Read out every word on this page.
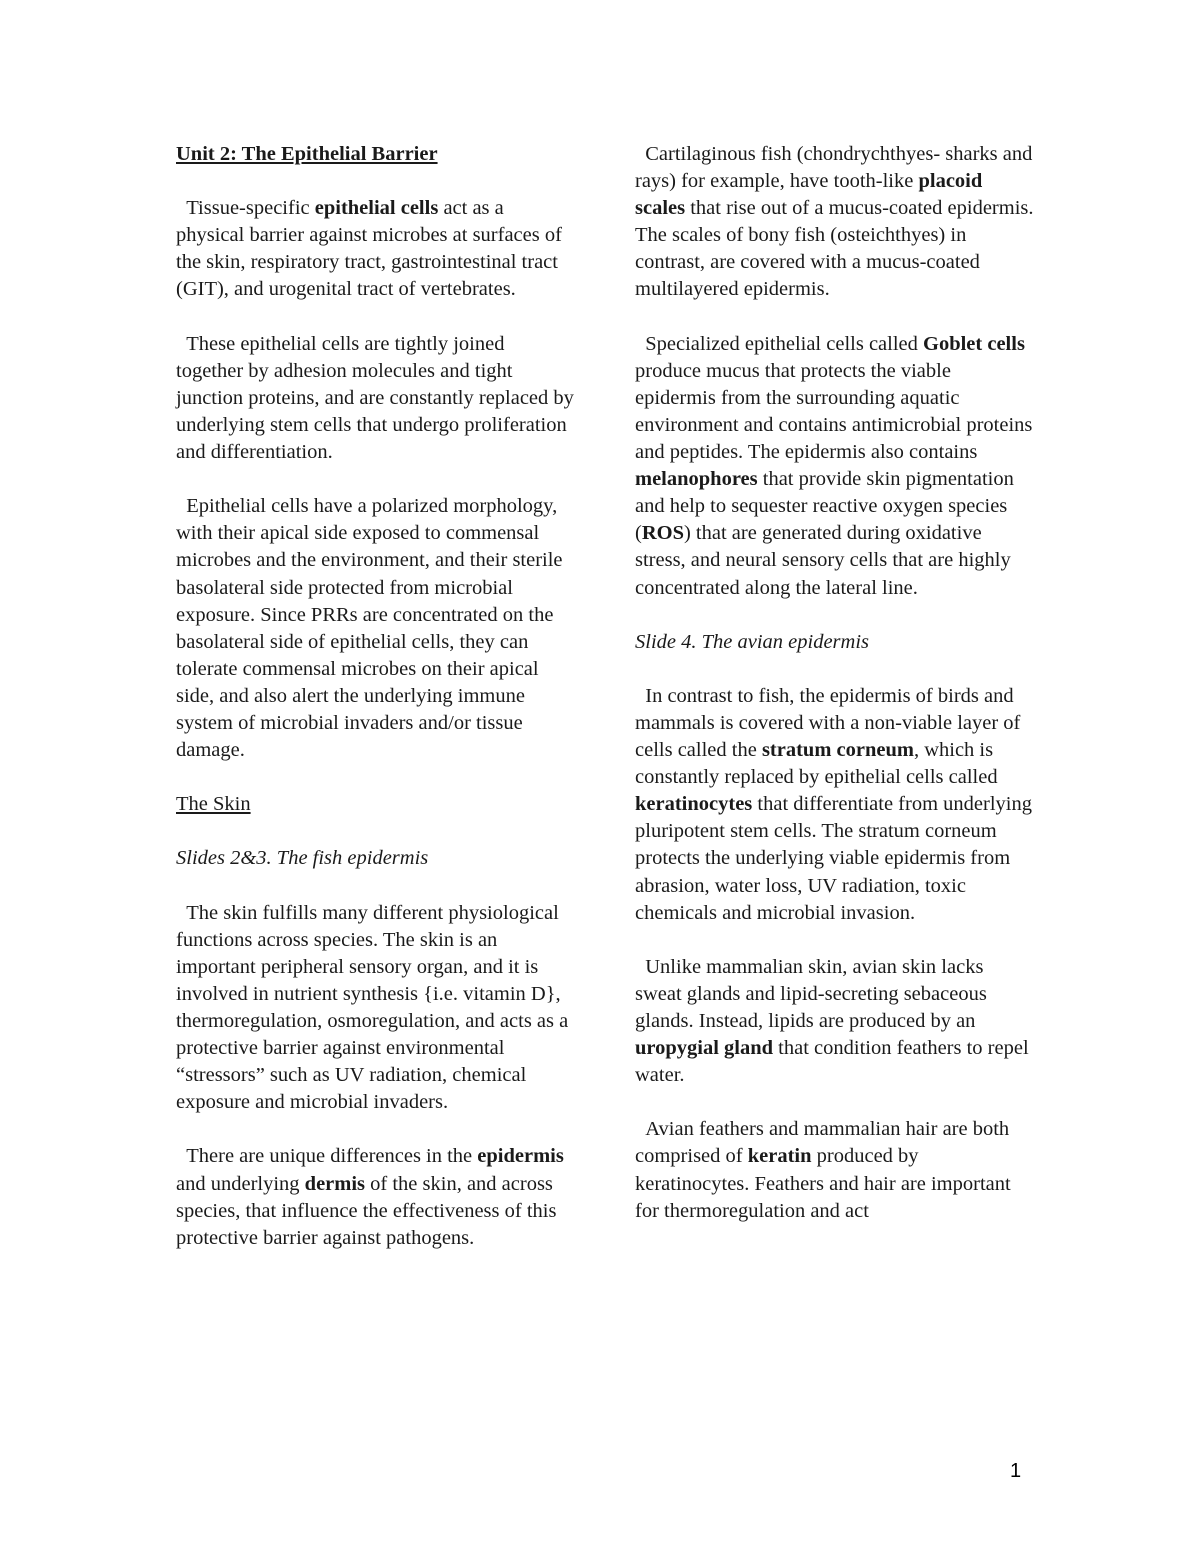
Unit 2: The Epithelial Barrier

Tissue-specific epithelial cells act as a physical barrier against microbes at surfaces of the skin, respiratory tract, gastrointestinal tract (GIT), and urogenital tract of vertebrates.

These epithelial cells are tightly joined together by adhesion molecules and tight junction proteins, and are constantly replaced by underlying stem cells that undergo proliferation and differentiation.

Epithelial cells have a polarized morphology, with their apical side exposed to commensal microbes and the environment, and their sterile basolateral side protected from microbial exposure. Since PRRs are concentrated on the basolateral side of epithelial cells, they can tolerate commensal microbes on their apical side, and also alert the underlying immune system of microbial invaders and/or tissue damage.

The Skin

Slides 2&3. The fish epidermis

The skin fulfills many different physiological functions across species. The skin is an important peripheral sensory organ, and it is involved in nutrient synthesis {i.e. vitamin D}, thermoregulation, osmoregulation, and acts as a protective barrier against environmental “stressors” such as UV radiation, chemical exposure and microbial invaders.

There are unique differences in the epidermis and underlying dermis of the skin, and across species, that influence the effectiveness of this protective barrier against pathogens.

Cartilaginous fish (chondrychthyes- sharks and rays) for example, have tooth-like placoid scales that rise out of a mucus-coated epidermis. The scales of bony fish (osteichthyes) in contrast, are covered with a mucus-coated multilayered epidermis.

Specialized epithelial cells called Goblet cells produce mucus that protects the viable epidermis from the surrounding aquatic environment and contains antimicrobial proteins and peptides. The epidermis also contains melanophores that provide skin pigmentation and help to sequester reactive oxygen species (ROS) that are generated during oxidative stress, and neural sensory cells that are highly concentrated along the lateral line.

Slide 4. The avian epidermis

In contrast to fish, the epidermis of birds and mammals is covered with a non-viable layer of cells called the stratum corneum, which is constantly replaced by epithelial cells called keratinocytes that differentiate from underlying pluripotent stem cells. The stratum corneum protects the underlying viable epidermis from abrasion, water loss, UV radiation, toxic chemicals and microbial invasion.

Unlike mammalian skin, avian skin lacks sweat glands and lipid-secreting sebaceous glands. Instead, lipids are produced by an uropygial gland that condition feathers to repel water.

Avian feathers and mammalian hair are both comprised of keratin produced by keratinocytes. Feathers and hair are important for thermoregulation and act

1
